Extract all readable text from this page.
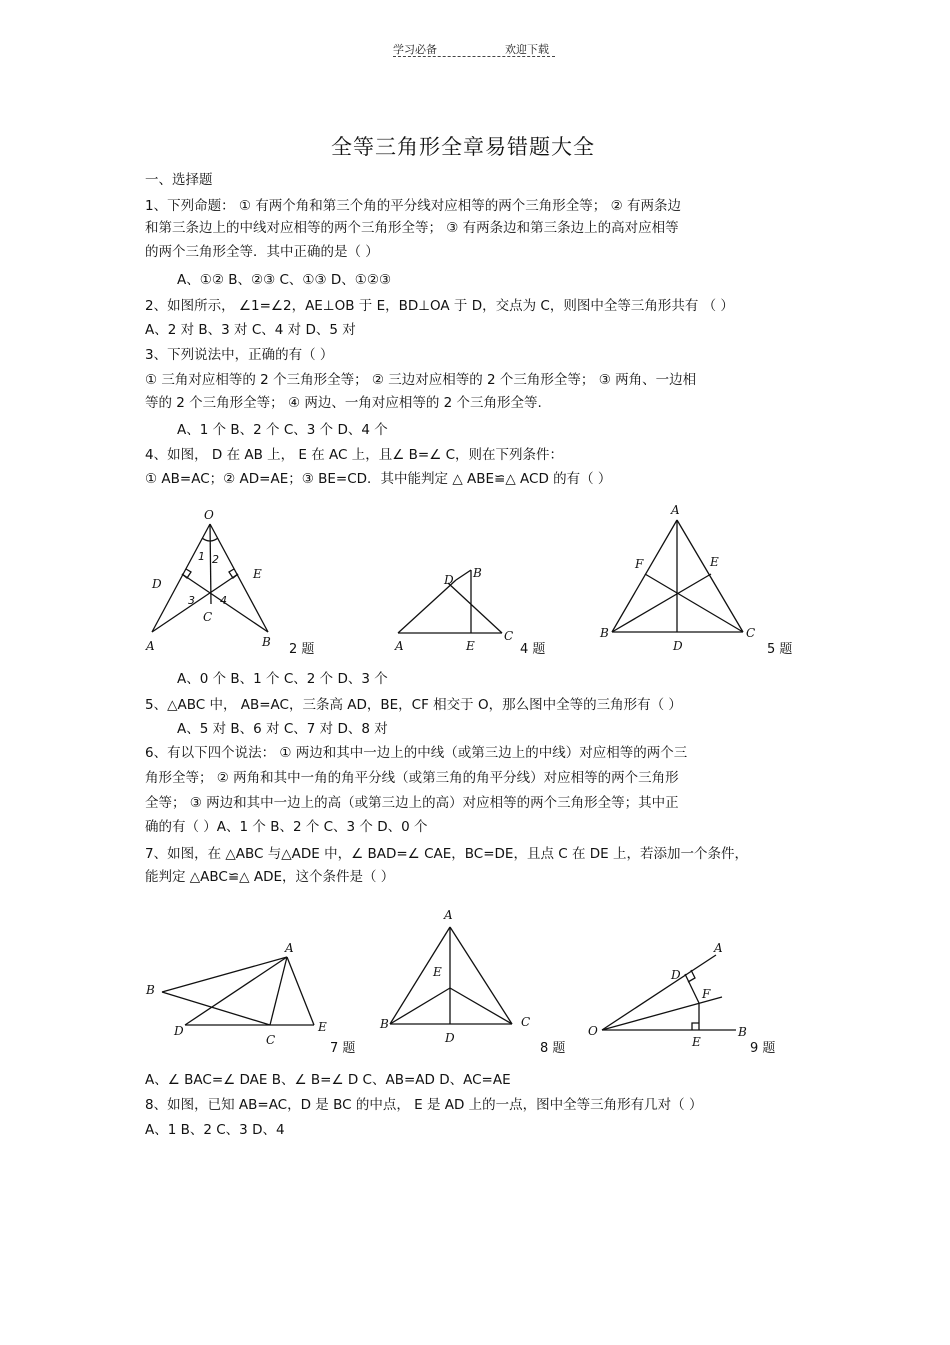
学习必备	欢迎下载
全等三角形全章易错题大全
一、选择题
1、下列命题： ① 有两个角和第三个角的平分线对应相等的两个三角形全等； ② 有两条边
和第三条边上的中线对应相等的两个三角形全等； ③ 有两条边和第三条边上的高对应相等
的两个三角形全等．其中正确的是（ ）
A、①② B、②③ C、①③ D、①②③
2、如图所示， ∠1=∠2，AE⊥OB 于 E，BD⊥OA 于 D，交点为 C，则图中全等三角形共有 （ ）
A、2 对 B、3 对 C、4 对 D、5 对
3、下列说法中，正确的有（ ）
① 三角对应相等的 2 个三角形全等； ② 三边对应相等的 2 个三角形全等； ③ 两角、一边相
等的 2 个三角形全等； ④ 两边、一角对应相等的 2 个三角形全等.
A、1 个 B、2 个 C、3 个 D、4 个
4、如图， D 在 AB 上， E 在 AC 上，且∠ B=∠ C，则在下列条件：
① AB=AC；② AD=AE；③ BE=CD．其中能判定 △ ABE≌△ ACD 的有（ ）
O
A	B
C
D
E
1 2
3 4
A
B
C
D
E
A
B	C
D
E
F
2 题	4 题	5 题
A、0 个 B、1 个 C、2 个 D、3 个
5、△ABC 中， AB=AC，三条高 AD，BE，CF 相交于 O，那么图中全等的三角形有（ ）
A、5 对 B、6 对 C、7 对 D、8 对
6、有以下四个说法： ① 两边和其中一边上的中线（或第三边上的中线）对应相等的两个三
角形全等； ② 两角和其中一角的角平分线（或第三角的角平分线）对应相等的两个三角形
全等； ③ 两边和其中一边上的高（或第三边上的高）对应相等的两个三角形全等；其中正
确的有（ ）A、1 个 B、2 个 C、3 个 D、0 个
7、如图，在 △ABC 与△ADE 中，∠ BAD=∠ CAE，BC=DE，且点 C 在 DE 上，若添加一个条件，
能判定 △ABC≌△ ADE，这个条件是（ ）
A
B
C
D	E
A
B	C
D
E
O
A
B
D
E
F
7 题	8 题	9 题
A、∠ BAC=∠ DAE B、∠ B=∠ D C、AB=AD D、AC=AE
8、如图，已知 AB=AC，D 是 BC 的中点， E 是 AD 上的一点，图中全等三角形有几对（ ）
A、1 B、2 C、3 D、4
